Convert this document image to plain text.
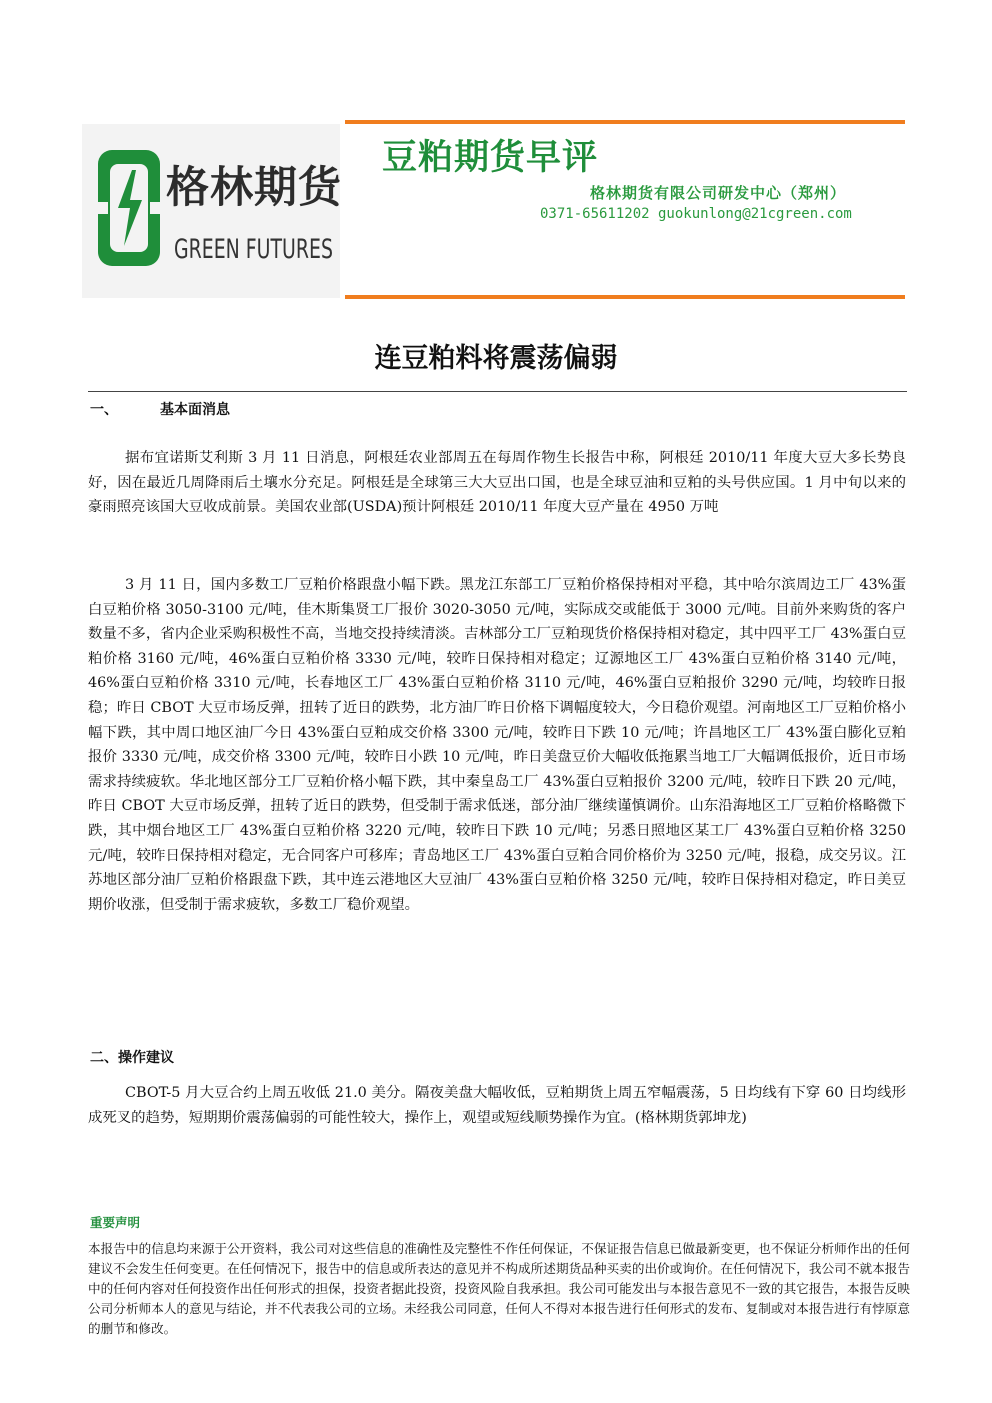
格林期货
GREEN FUTURES
豆粕期货早评
格林期货有限公司研发中心（郑州）
0371-65611202 guokunlong@21cgreen.com
连豆粕料将震荡偏弱
一、	基本面消息

据布宜诺斯艾利斯 3 月 11 日消息，阿根廷农业部周五在每周作物生长报告中称，阿根廷 2010/11 年度大豆大多长势良好，因在最近几周降雨后土壤水分充足。阿根廷是全球第三大大豆出口国，也是全球豆油和豆粕的头号供应国。1 月中旬以来的豪雨照亮该国大豆收成前景。美国农业部(USDA)预计阿根廷 2010/11 年度大豆产量在 4950 万吨

3 月 11 日，国内多数工厂豆粕价格跟盘小幅下跌。黑龙江东部工厂豆粕价格保持相对平稳，其中哈尔滨周边工厂 43%蛋白豆粕价格 3050-3100 元/吨，佳木斯集贤工厂报价 3020-3050 元/吨，实际成交或能低于 3000 元/吨。目前外来购货的客户数量不多，省内企业采购积极性不高，当地交投持续清淡。吉林部分工厂豆粕现货价格保持相对稳定，其中四平工厂 43%蛋白豆粕价格 3160 元/吨，46%蛋白豆粕价格 3330 元/吨，较昨日保持相对稳定；辽源地区工厂 43%蛋白豆粕价格 3140 元/吨，46%蛋白豆粕价格 3310 元/吨，长春地区工厂 43%蛋白豆粕价格 3110 元/吨，46%蛋白豆粕报价 3290 元/吨，均较昨日报稳；昨日 CBOT 大豆市场反弹，扭转了近日的跌势，北方油厂昨日价格下调幅度较大，今日稳价观望。河南地区工厂豆粕价格小幅下跌，其中周口地区油厂今日 43%蛋白豆粕成交价格 3300 元/吨，较昨日下跌 10 元/吨；许昌地区工厂 43%蛋白膨化豆粕报价 3330 元/吨，成交价格 3300 元/吨，较昨日小跌 10 元/吨，昨日美盘豆价大幅收低拖累当地工厂大幅调低报价，近日市场需求持续疲软。华北地区部分工厂豆粕价格小幅下跌，其中秦皇岛工厂 43%蛋白豆粕报价 3200 元/吨，较昨日下跌 20 元/吨，昨日 CBOT 大豆市场反弹，扭转了近日的跌势，但受制于需求低迷，部分油厂继续谨慎调价。山东沿海地区工厂豆粕价格略微下跌，其中烟台地区工厂 43%蛋白豆粕价格 3220 元/吨，较昨日下跌 10 元/吨；另悉日照地区某工厂 43%蛋白豆粕价格 3250 元/吨，较昨日保持相对稳定，无合同客户可移库；青岛地区工厂 43%蛋白豆粕合同价格价为 3250 元/吨，报稳，成交另议。江苏地区部分油厂豆粕价格跟盘下跌，其中连云港地区大豆油厂 43%蛋白豆粕价格 3250 元/吨，较昨日保持相对稳定，昨日美豆期价收涨，但受制于需求疲软，多数工厂稳价观望。

二、操作建议

CBOT-5 月大豆合约上周五收低 21.0 美分。隔夜美盘大幅收低，豆粕期货上周五窄幅震荡，5 日均线有下穿 60 日均线形成死叉的趋势，短期期价震荡偏弱的可能性较大，操作上，观望或短线顺势操作为宜。(格林期货郭坤龙)

重要声明

本报告中的信息均来源于公开资料，我公司对这些信息的准确性及完整性不作任何保证，不保证报告信息已做最新变更，也不保证分析师作出的任何建议不会发生任何变更。在任何情况下，报告中的信息或所表达的意见并不构成所述期货品种买卖的出价或询价。在任何情况下，我公司不就本报告中的任何内容对任何投资作出任何形式的担保，投资者据此投资，投资风险自我承担。我公司可能发出与本报告意见不一致的其它报告，本报告反映公司分析师本人的意见与结论，并不代表我公司的立场。未经我公司同意，任何人不得对本报告进行任何形式的发布、复制或对本报告进行有悖原意的删节和修改。
